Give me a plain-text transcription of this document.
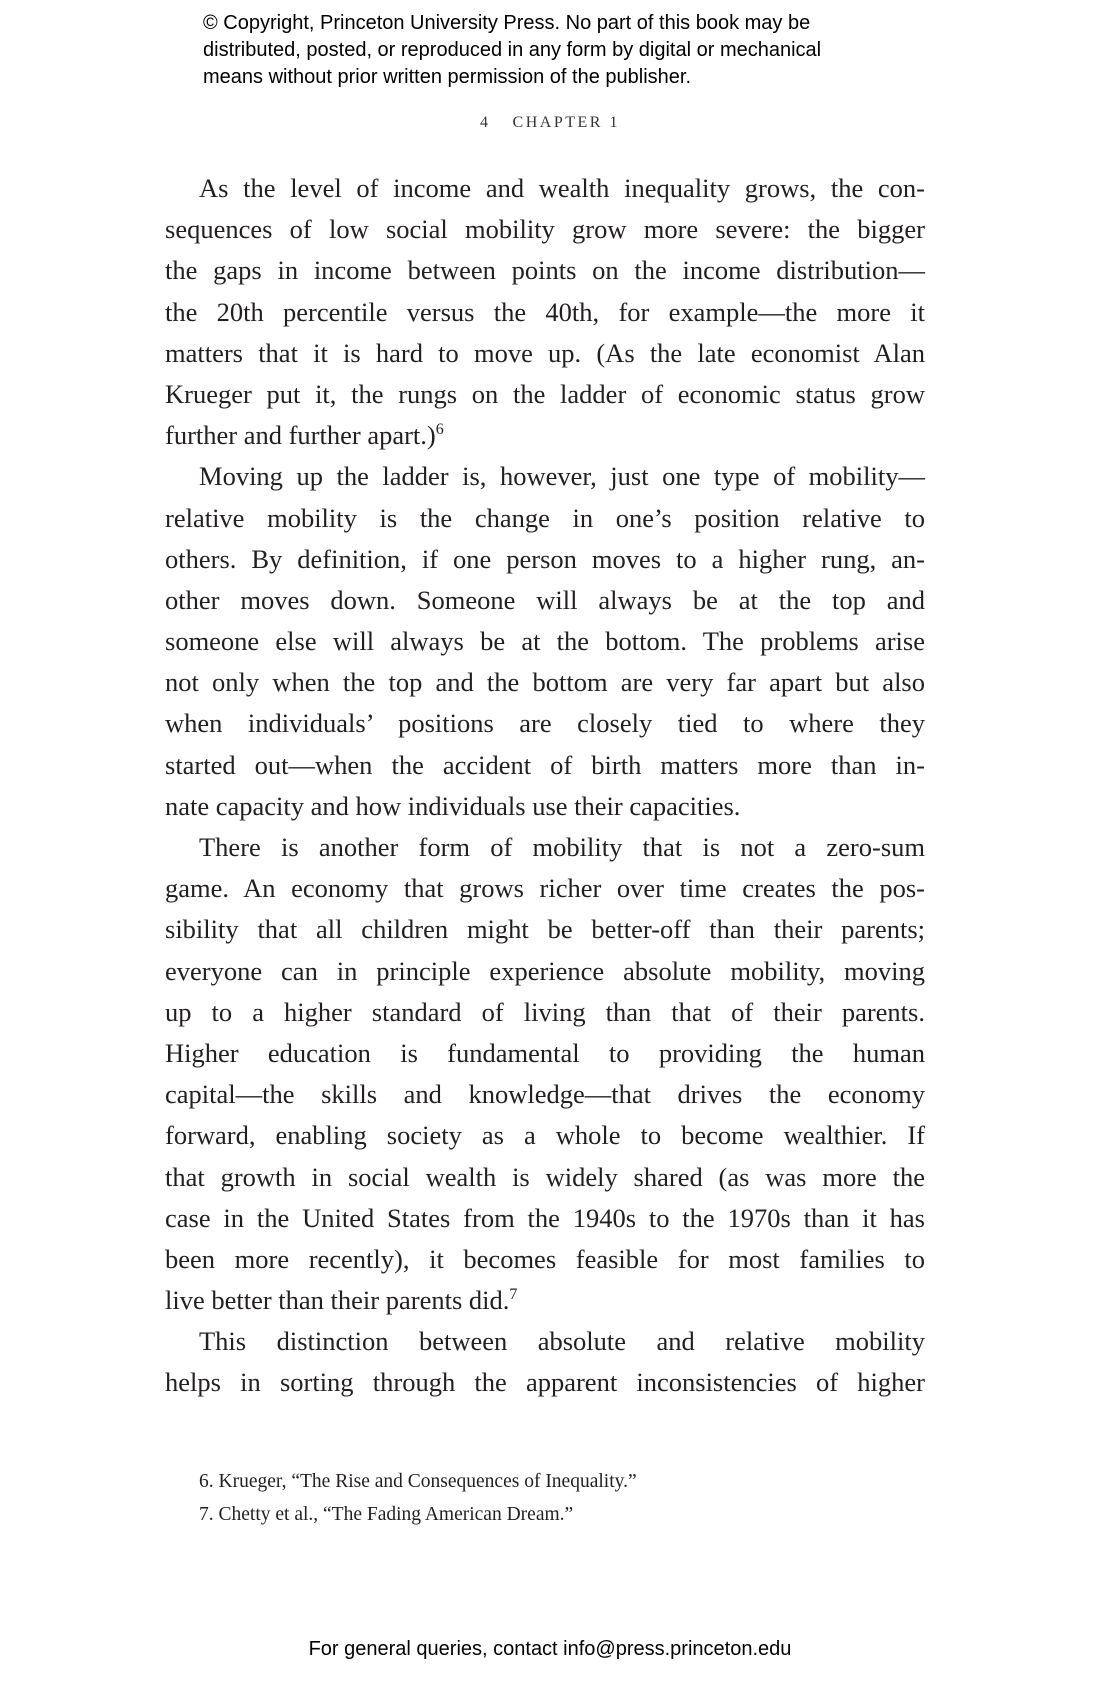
© Copyright, Princeton University Press. No part of this book may be
distributed, posted, or reproduced in any form by digital or mechanical
means without prior written permission of the publisher.
4 CHAPTER 1
As the level of income and wealth inequality grows, the con-
sequences of low social mobility grow more severe: the bigger
the gaps in income between points on the income distribution—
the 20th percentile versus the 40th, for example—the more it
matters that it is hard to move up. (As the late economist Alan
Krueger put it, the rungs on the ladder of economic status grow
further and further apart.)$^6$
Moving up the ladder is, however, just one type of mobility—
relative mobility is the change in one’s position relative to
others. By definition, if one person moves to a higher rung, an-
other moves down. Someone will always be at the top and
someone else will always be at the bottom. The problems arise
not only when the top and the bottom are very far apart but also
when individuals’ positions are closely tied to where they
started out—when the accident of birth matters more than in-
nate capacity and how individuals use their capacities.
There is another form of mobility that is not a zero-sum
game. An economy that grows richer over time creates the pos-
sibility that all children might be better-off than their parents;
everyone can in principle experience absolute mobility, moving
up to a higher standard of living than that of their parents.
Higher education is fundamental to providing the human
capital—the skills and knowledge—that drives the economy
forward, enabling society as a whole to become wealthier. If
that growth in social wealth is widely shared (as was more the
case in the United States from the 1940s to the 1970s than it has
been more recently), it becomes feasible for most families to
live better than their parents did.$^7$
This distinction between absolute and relative mobility
helps in sorting through the apparent inconsistencies of higher
6. Krueger, “The Rise and Consequences of Inequality.”
7. Chetty et al., “The Fading American Dream.”
For general queries, contact info@press.princeton.edu
